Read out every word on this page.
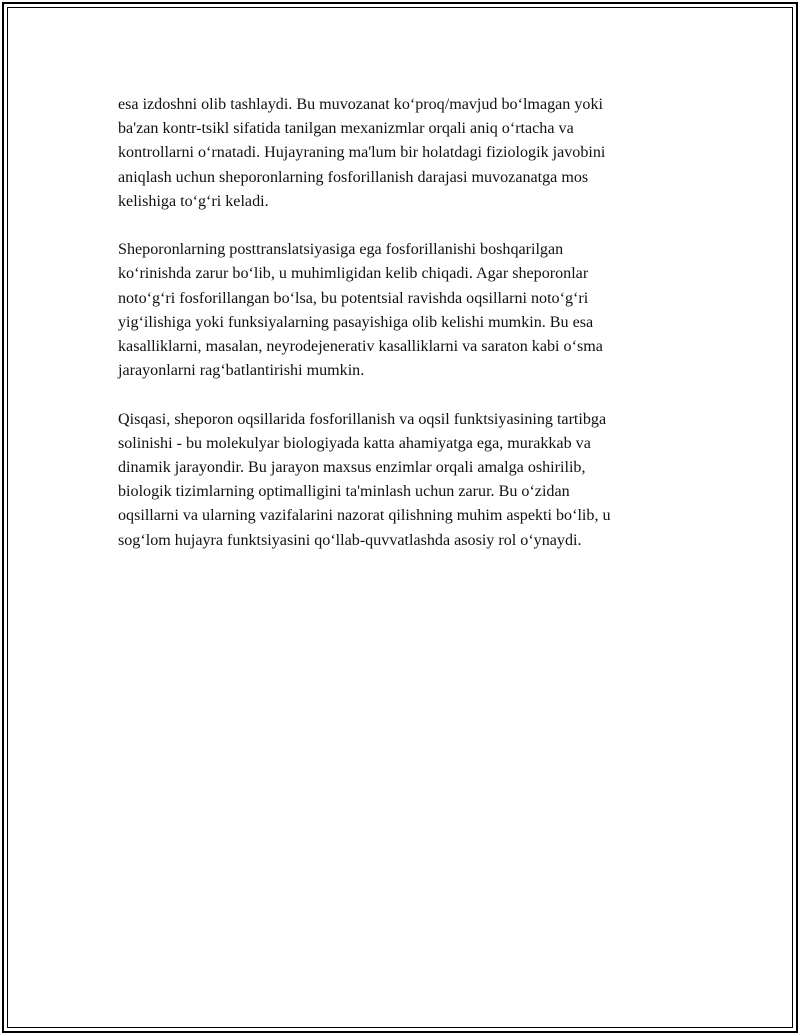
esa izdoshni olib tashlaydi. Bu muvozanat ko‘proq/mavjud bo‘lmagan yoki
ba'zan kontr-tsikl sifatida tanilgan mexanizmlar orqali aniq o‘rtacha va
kontrollarni o‘rnatadi. Hujayraning ma'lum bir holatdagi fiziologik javobini
aniqlash uchun sheporonlarning fosforillanish darajasi muvozanatga mos
kelishiga to‘g‘ri keladi.

Sheporonlarning posttranslatsiyasiga ega fosforillanishi boshqarilgan
ko‘rinishda zarur bo‘lib, u muhimligidan kelib chiqadi. Agar sheporonlar
noto‘g‘ri fosforillangan bo‘lsa, bu potentsial ravishda oqsillarni noto‘g‘ri
yig‘ilishiga yoki funksiyalarning pasayishiga olib kelishi mumkin. Bu esa
kasalliklarni, masalan, neyrodejenerativ kasalliklarni va saraton kabi o‘sma
jarayonlarni rag‘batlantirishi mumkin.

Qisqasi, sheporon oqsillarida fosforillanish va oqsil funktsiyasining tartibga
solinishi - bu molekulyar biologiyada katta ahamiyatga ega, murakkab va
dinamik jarayondir. Bu jarayon maxsus enzimlar orqali amalga oshirilib,
biologik tizimlarning optimalligini ta'minlash uchun zarur. Bu o‘zidan
oqsillarni va ularning vazifalarini nazorat qilishning muhim aspekti bo‘lib, u
sog‘lom hujayra funktsiyasini qo‘llab-quvvatlashda asosiy rol o‘ynaydi.
